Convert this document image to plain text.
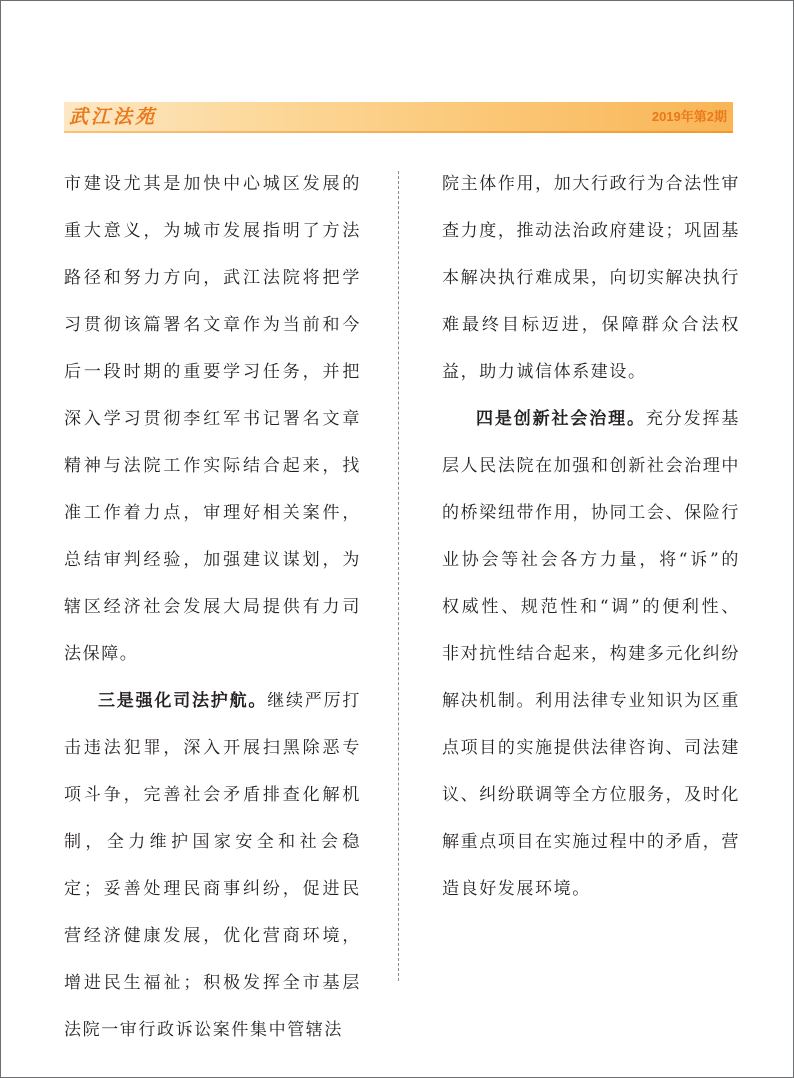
武江法苑	2019年第2期

市建设尤其是加快中心城区发展的重大意义，为城市发展指明了方法路径和努力方向，武江法院将把学习贯彻该篇署名文章作为当前和今后一段时期的重要学习任务，并把深入学习贯彻李红军书记署名文章精神与法院工作实际结合起来，找准工作着力点，审理好相关案件，总结审判经验，加强建议谋划，为辖区经济社会发展大局提供有力司法保障。

三是强化司法护航。继续严厉打击违法犯罪，深入开展扫黑除恶专项斗争，完善社会矛盾排查化解机制，全力维护国家安全和社会稳定；妥善处理民商事纠纷，促进民营经济健康发展，优化营商环境，增进民生福祉；积极发挥全市基层法院一审行政诉讼案件集中管辖法

院主体作用，加大行政行为合法性审查力度，推动法治政府建设；巩固基本解决执行难成果，向切实解决执行难最终目标迈进，保障群众合法权益，助力诚信体系建设。

四是创新社会治理。充分发挥基层人民法院在加强和创新社会治理中的桥梁纽带作用，协同工会、保险行业协会等社会各方力量，将“诉”的权威性、规范性和“调”的便利性、非对抗性结合起来，构建多元化纠纷解决机制。利用法律专业知识为区重点项目的实施提供法律咨询、司法建议、纠纷联调等全方位服务，及时化解重点项目在实施过程中的矛盾，营造良好发展环境。
